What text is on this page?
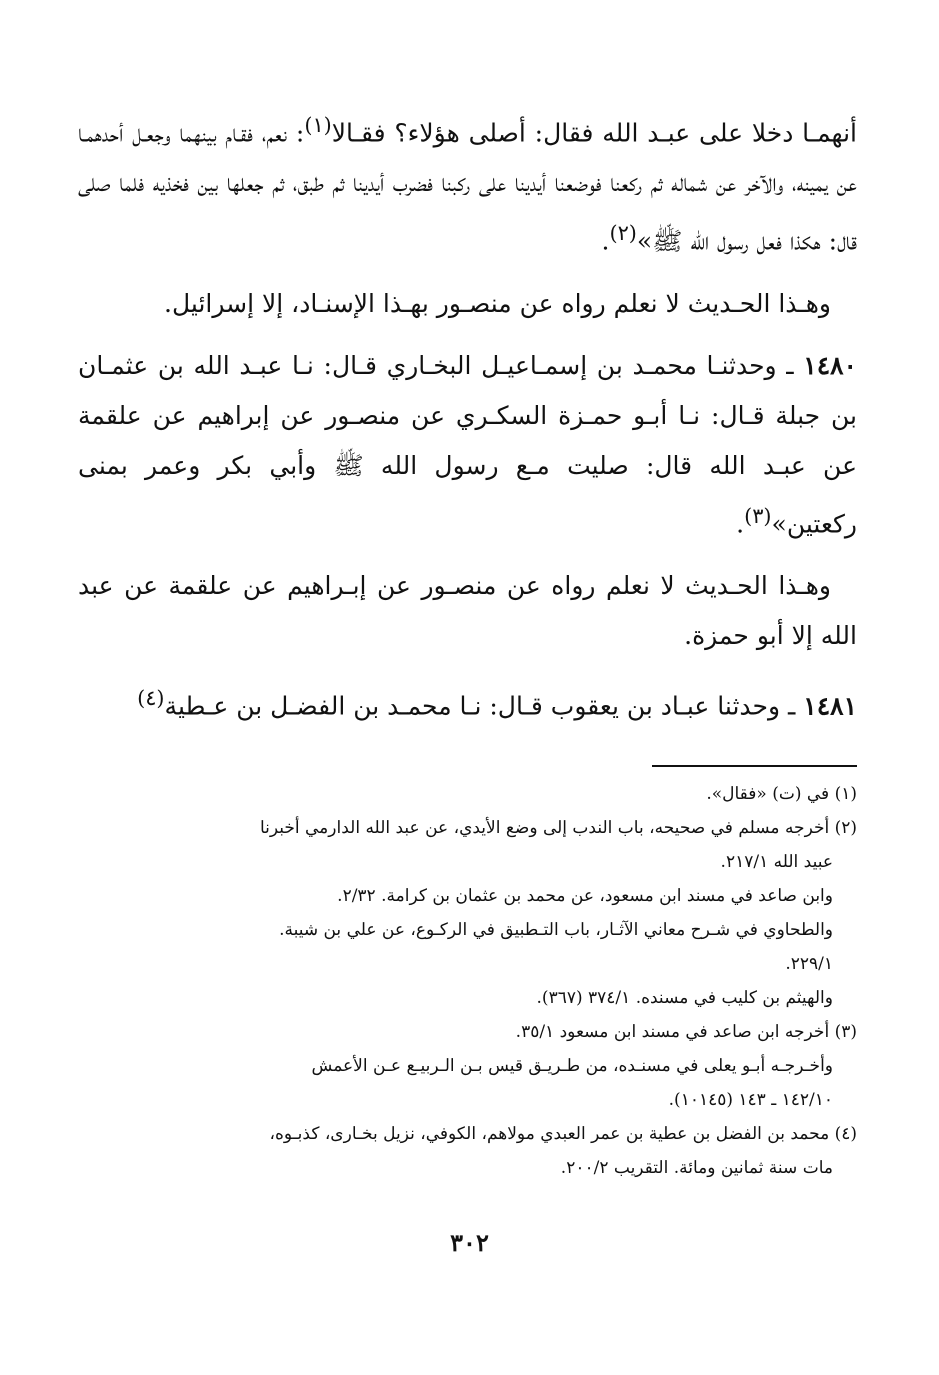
أنهمـا دخلا على عبـد الله فقال: أصلى هؤلاء؟ فقـالا$^{(١)}$: نعم، فقـام بينهما وجعـل أحدهمـا عن يمينه، والآخر عن شماله ثم ركعنا فوضعنا أيدينا على ركبنا فضرب أيدينا ثم طبق، ثم جعلها بين فخذيه فلما صلى قال: هكذا فعل رسول الله ﷺ»$^{(٢)}$.

وهـذا الحـديث لا نعلم رواه عن منصـور بهـذا الإسنـاد، إلا إسرائيل.

١٤٨٠ ـ وحدثنـا محمـد بن إسمـاعيـل البخـاري قـال: نـا عبـد الله بن عثمـان بن جبلة قـال: نـا أبـو حمـزة السكـري عن منصـور عن إبراهيم عن علقمة عن عبـد الله قال: صليت مـع رسول الله ﷺ وأبي بكر وعمر بمنى ركعتين»$^{(٣)}$.

وهـذا الحـديث لا نعلم رواه عن منصـور عن إبـراهيم عن علقمة عن عبد الله إلا أبو حمزة.

١٤٨١ ـ وحدثنا عبـاد بن يعقوب قـال: نـا محمـد بن الفضـل بن عـطية$^{(٤)}$

(١) في (ت) «فقال».

(٢) أخرجه مسلم في صحيحه، باب الندب إلى وضع الأيدي، عن عبد الله الدارمي أخبرنا

عبيد الله ٢١٧/١.

وابن صاعد في مسند ابن مسعود، عن محمد بن عثمان بن كرامة. ٢/٣٢.

والطحاوي في شـرح معاني الآثـار، باب التـطبيق في الركـوع، عن علي بن شيبة.

٢٢٩/١.

والهيثم بن كليب في مسنده. ٣٧٤/١ (٣٦٧).

(٣) أخرجه ابن صاعد في مسند ابن مسعود ٣٥/١.

وأخـرجـه أبـو يعلى في مسنـده، من طـريـق قيس بـن الـربيـع عـن الأعمش

١٤٢/١٠ ـ ١٤٣ (١٠١٤٥).

(٤) محمد بن الفضل بن عطية بن عمر العبدي مولاهم، الكوفي، نزيل بخـارى، كذبـوه،

مات سنة ثمانين ومائة. التقريب ٢٠٠/٢.

٣٠٢
